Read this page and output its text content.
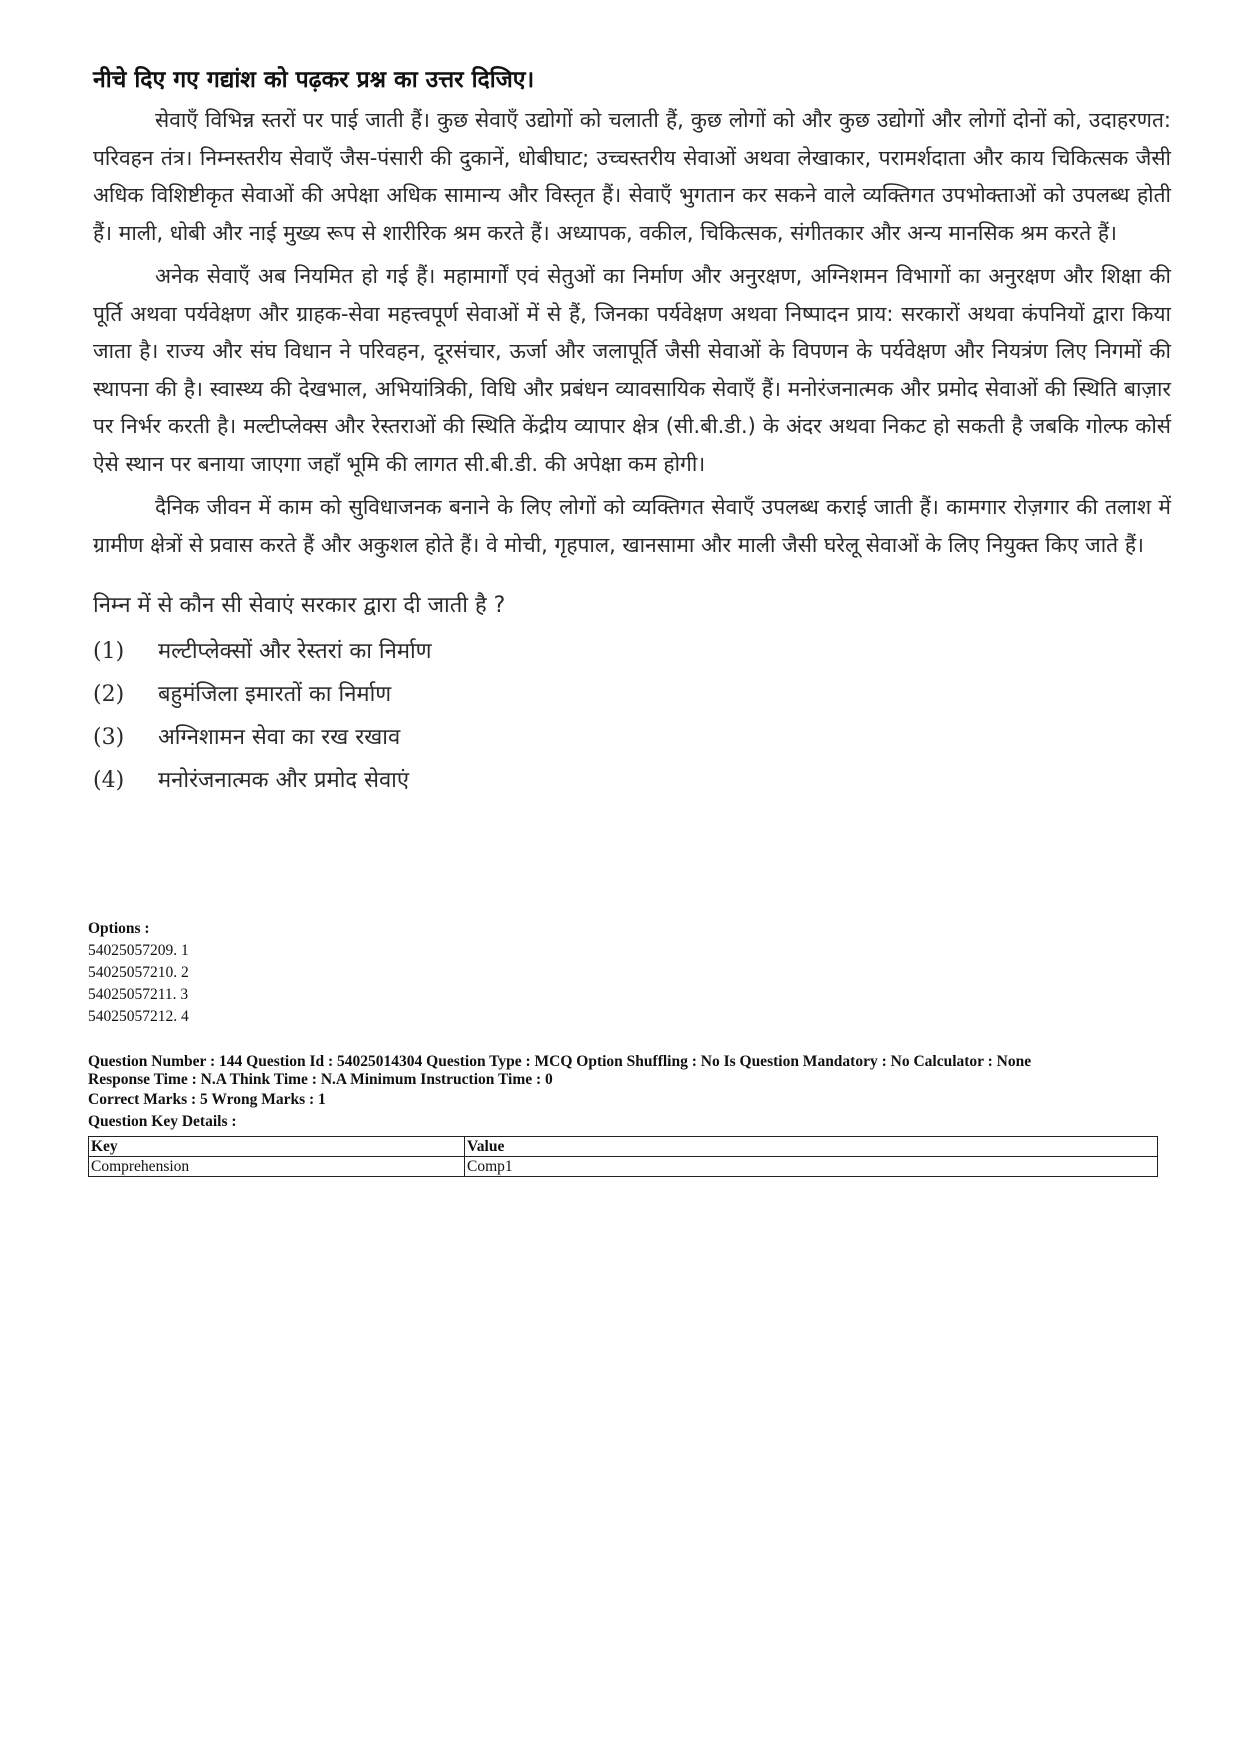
नीचे दिए गए गद्यांश को पढ़कर प्रश्न का उत्तर दिजिए।

सेवाएँ विभिन्न स्तरों पर पाई जाती हैं। कुछ सेवाएँ उद्योगों को चलाती हैं, कुछ लोगों को और कुछ उद्योगों और लोगों दोनों को, उदाहरणत: परिवहन तंत्र। निम्नस्तरीय सेवाएँ जैस-पंसारी की दुकानें, धोबीघाट; उच्चस्तरीय सेवाओं अथवा लेखाकार, परामर्शदाता और काय चिकित्सक जैसी अधिक विशिष्टीकृत सेवाओं की अपेक्षा अधिक सामान्य और विस्तृत हैं। सेवाएँ भुगतान कर सकने वाले व्यक्तिगत उपभोक्ताओं को उपलब्ध होती हैं। माली, धोबी और नाई मुख्य रूप से शारीरिक श्रम करते हैं। अध्यापक, वकील, चिकित्सक, संगीतकार और अन्य मानसिक श्रम करते हैं।

अनेक सेवाएँ अब नियमित हो गई हैं। महामार्गों एवं सेतुओं का निर्माण और अनुरक्षण, अग्निशमन विभागों का अनुरक्षण और शिक्षा की पूर्ति अथवा पर्यवेक्षण और ग्राहक-सेवा महत्त्वपूर्ण सेवाओं में से हैं, जिनका पर्यवेक्षण अथवा निष्पादन प्राय: सरकारों अथवा कंपनियों द्वारा किया जाता है। राज्य और संघ विधान ने परिवहन, दूरसंचार, ऊर्जा और जलापूर्ति जैसी सेवाओं के विपणन के पर्यवेक्षण और नियत्रंण लिए निगमों की स्थापना की है। स्वास्थ्य की देखभाल, अभियांत्रिकी, विधि और प्रबंधन व्यावसायिक सेवाएँ हैं। मनोरंजनात्मक और प्रमोद सेवाओं की स्थिति बाज़ार पर निर्भर करती है। मल्टीप्लेक्स और रेस्तराओं की स्थिति केंद्रीय व्यापार क्षेत्र (सी.बी.डी.) के अंदर अथवा निकट हो सकती है जबकि गोल्फ कोर्स ऐसे स्थान पर बनाया जाएगा जहाँ भूमि की लागत सी.बी.डी. की अपेक्षा कम होगी।

दैनिक जीवन में काम को सुविधाजनक बनाने के लिए लोगों को व्यक्तिगत सेवाएँ उपलब्ध कराई जाती हैं। कामगार रोज़गार की तलाश में ग्रामीण क्षेत्रों से प्रवास करते हैं और अकुशल होते हैं। वे मोची, गृहपाल, खानसामा और माली जैसी घरेलू सेवाओं के लिए नियुक्त किए जाते हैं।

निम्न में से कौन सी सेवाएं सरकार द्वारा दी जाती है ?
(1)	मल्टीप्लेक्सों और रेस्तरां का निर्माण
(2)	बहुमंजिला इमारतों का निर्माण
(3)	अग्निशामन सेवा का रख रखाव
(4)	मनोरंजनात्मक और प्रमोद सेवाएं
Options :
54025057209. 1
54025057210. 2
54025057211. 3
54025057212. 4
Question Number : 144 Question Id : 54025014304 Question Type : MCQ Option Shuffling : No Is Question Mandatory : No Calculator : None
Response Time : N.A Think Time : N.A Minimum Instruction Time : 0
Correct Marks : 5 Wrong Marks : 1
Question Key Details :
Key	Value
Comprehension	Comp1
